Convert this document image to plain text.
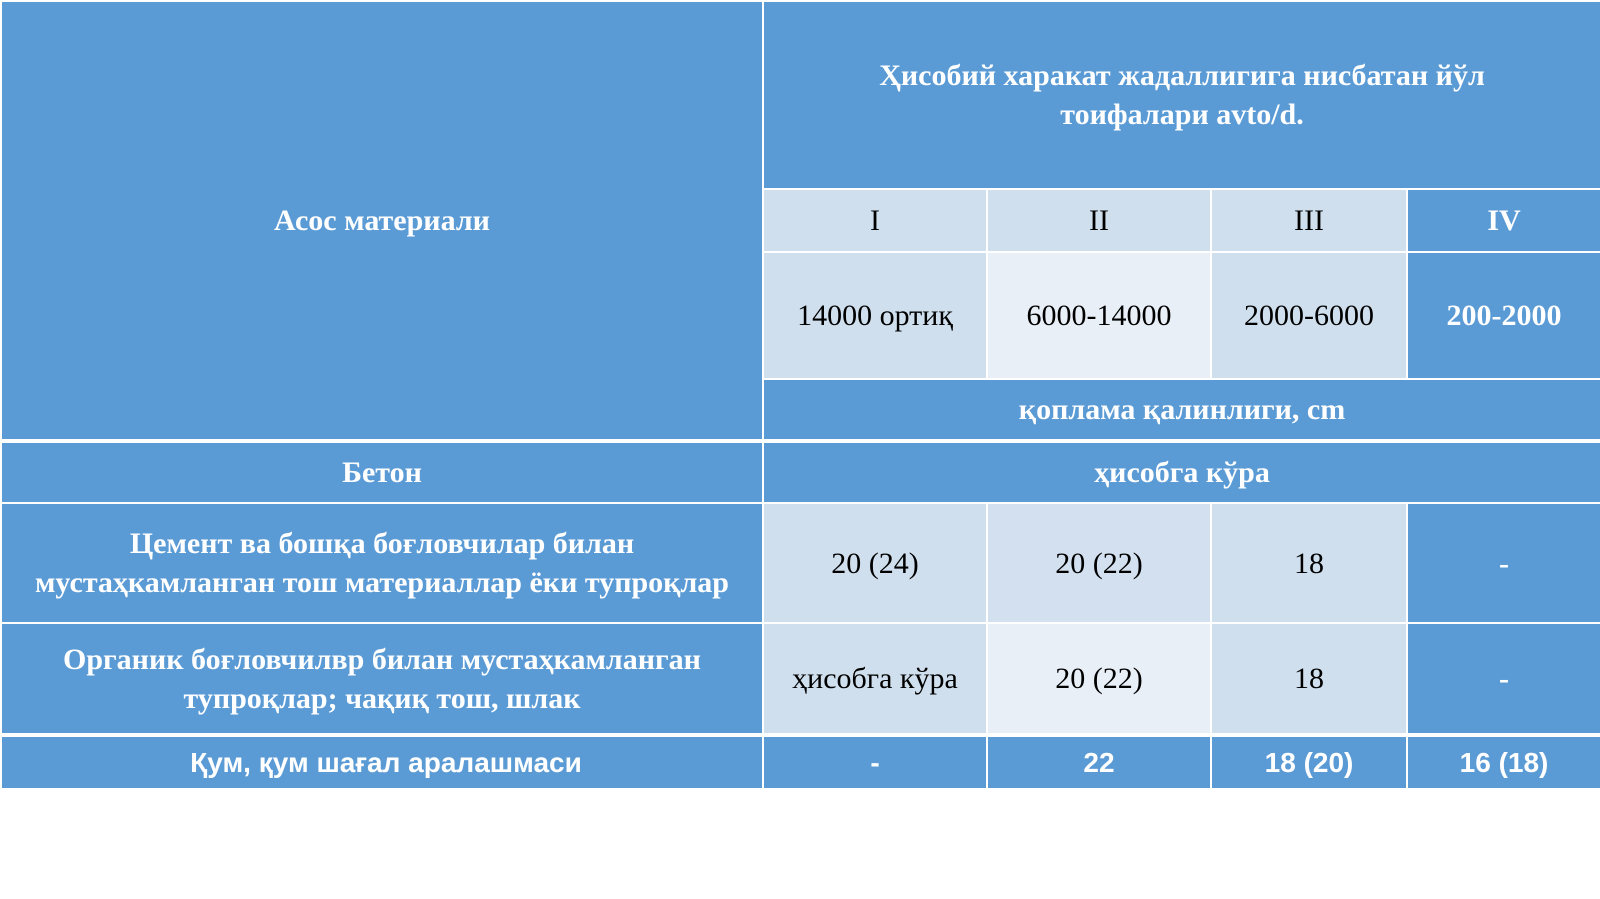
Асос материали	Ҳисобий харакат жадаллигига нисбатан йўл тоифалари avto/d.			
	I	II	III	IV
	14000 ортиқ	6000-14000	2000-6000	200-2000
	қоплама қалинлиги, cm			
Бетон	ҳисобга кўра			
Цемент ва бошқа боғловчилар билан мустаҳкамланган тош материаллар ёки тупроқлар	20 (24)	20 (22)	18	-
Органик боғловчилвр билан мустаҳкамланган тупроқлар; чақиқ тош, шлак	ҳисобга кўра	20 (22)	18	-
Қум, қум шағал аралашмаси	-	22	18 (20)	16 (18)
